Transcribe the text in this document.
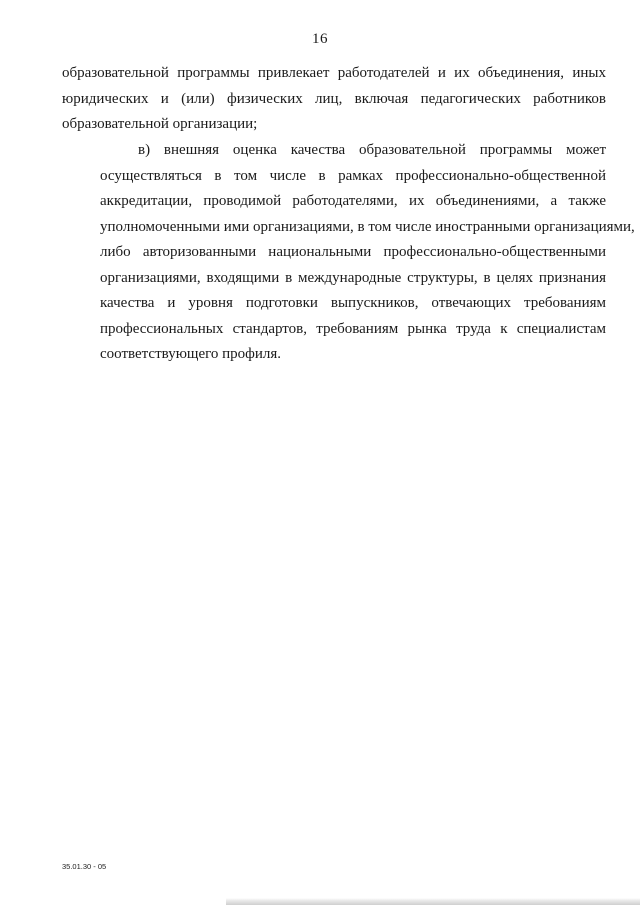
16
образовательной программы привлекает работодателей и их объединения, иных
юридических и (или) физических лиц, включая педагогических работников
образовательной организации;
в) внешняя оценка качества образовательной программы может
осуществляться в том числе в рамках профессионально-общественной
аккредитации, проводимой работодателями, их объединениями, а также
уполномоченными ими организациями, в том числе иностранными организациями,
либо авторизованными национальными профессионально-общественными
организациями, входящими в международные структуры, в целях признания
качества и уровня подготовки выпускников, отвечающих требованиям
профессиональных стандартов, требованиям рынка труда к специалистам
соответствующего профиля.
35.01.30 - 05
